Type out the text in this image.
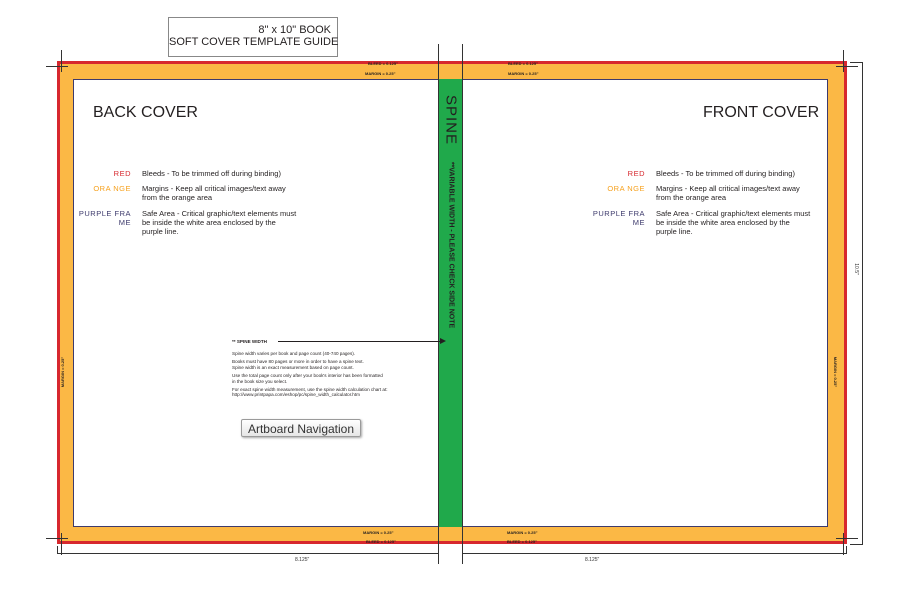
8" x 10" BOOK
SOFT COVER TEMPLATE GUIDE
10.5"
8.125"	8.125"
BLEED = 0.125"
MARGIN = 0.25"
BLEED = 0.125"
MARGIN = 0.25"
MARGIN = 0.25"
BLEED = 0.125"
MARGIN = 0.25"
BLEED = 0.125"
MARGIN = 0.25"	MARGIN = 0.25"
BACK COVER
RED Bleeds - To be trimmed off during binding)
ORA NGE Margins - Keep all critical images/text away from the orange area
PURPLE FRA ME
Safe Area - Critical graphic/text elements must be inside the white area enclosed by the purple line.
FRONT COVER
RED Bleeds - To be trimmed off during binding)
ORA NGE Margins - Keep all critical images/text away from the orange area
PURPLE FRA ME
Safe Area - Critical graphic/text elements must be inside the white area enclosed by the purple line.
SPINE
**VARIABLE WIDTH - PLEASE CHECK SIDE NOTE
** SPINE WIDTH

Spine width varies per book and page count (40-740 pages).

Books must have 80 pages or more in order to have a spine text.
Spine width is an exact measurement based on page count.

Use the total page count only after your book's interior has been formatted
in the book size you select.

For exact spine width measurement, use the spine width calculation chart at:
http://www.printpapa.com/eshop/pc/spine_width_calculator.htm

Artboard Navigation
